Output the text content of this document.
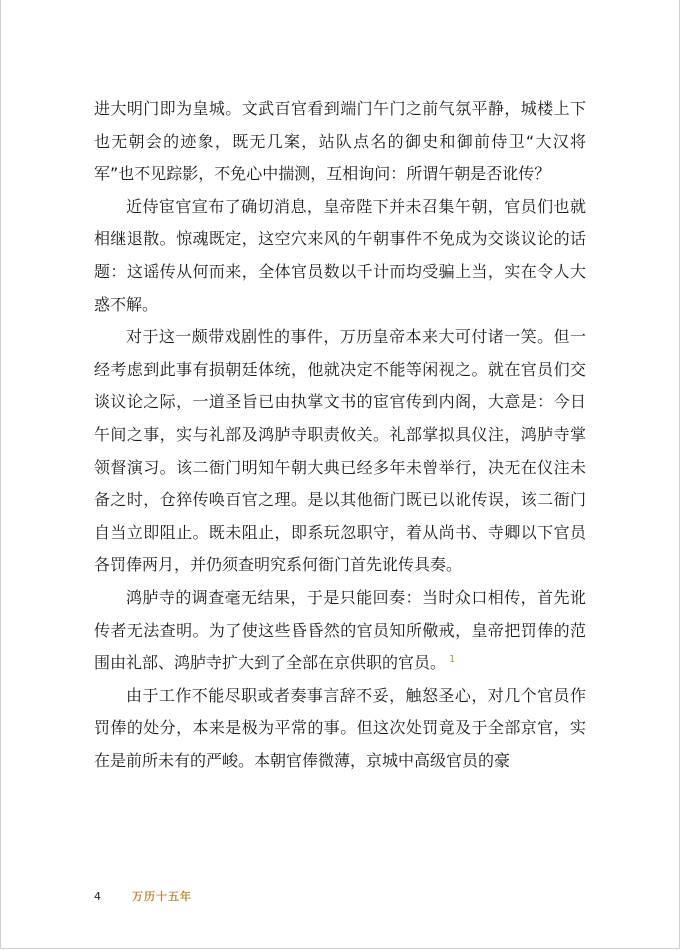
进大明门即为皇城。文武百官看到端门午门之前气氛平静，城楼上下也无朝会的迹象，既无几案，站队点名的御史和御前侍卫“大汉将军”也不见踪影，不免心中揣测，互相询问：所谓午朝是否讹传？

近侍宦官宣布了确切消息，皇帝陛下并未召集午朝，官员们也就相继退散。惊魂既定，这空穴来风的午朝事件不免成为交谈议论的话题：这谣传从何而来，全体官员数以千计而均受骗上当，实在令人大惑不解。

对于这一颇带戏剧性的事件，万历皇帝本来大可付诸一笑。但一经考虑到此事有损朝廷体统，他就决定不能等闲视之。就在官员们交谈议论之际，一道圣旨已由执掌文书的宦官传到内阁，大意是：今日午间之事，实与礼部及鸿胪寺职责攸关。礼部掌拟具仪注，鸿胪寺掌领督演习。该二衙门明知午朝大典已经多年未曾举行，决无在仪注未备之时，仓猝传唤百官之理。是以其他衙门既已以讹传误，该二衙门自当立即阻止。既未阻止，即系玩忽职守，着从尚书、寺卿以下官员各罚俸两月，并仍须查明究系何衙门首先讹传具奏。

鸿胪寺的调查毫无结果，于是只能回奏：当时众口相传，首先讹传者无法查明。为了使这些昏昏然的官员知所儆戒，皇帝把罚俸的范围由礼部、鸿胪寺扩大到了全部在京供职的官员。 $^1$

由于工作不能尽职或者奏事言辞不妥，触怒圣心，对几个官员作罚俸的处分，本来是极为平常的事。但这次处罚竟及于全部京官，实在是前所未有的严峻。本朝官俸微薄，京城中高级官员的豪

4	万历十五年
